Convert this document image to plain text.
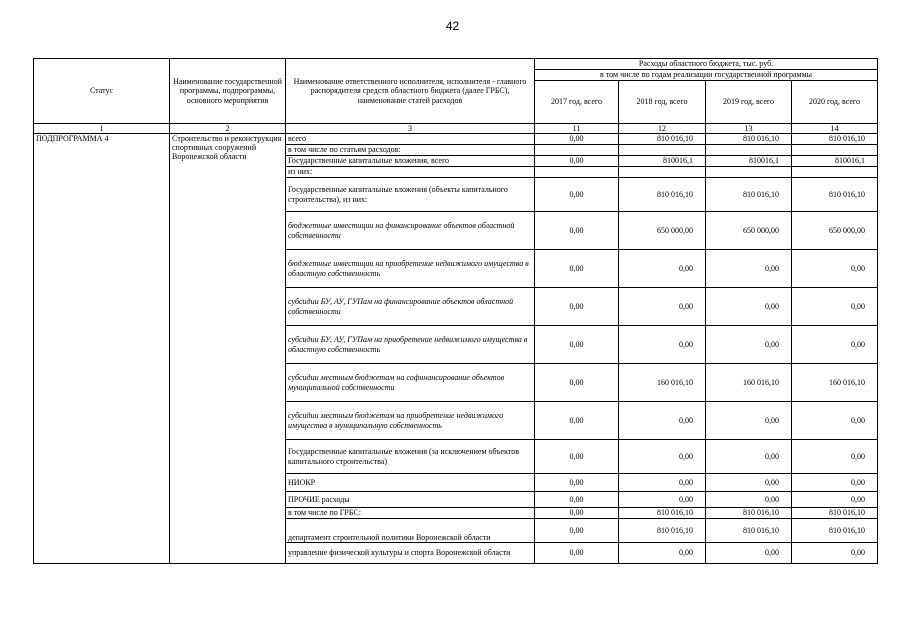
42
Статус	Наименование государственной программы, подпрограммы, основного мероприятия	Наименование ответственного исполнителя, исполнителя - главного распорядителя средств областного бюджета (далее ГРБС), наименование статей расходов	Расходы областного бюджета, тыс. руб.			
			в том числе по годам реализации государственной программы			
			2017 год, всего	2018 год, всего	2019 год, всего	2020 год, всего
1	2	3	11	12	13	14
ПОДПРОГРАММА 4	Строительство и реконструкция спортивных сооружений Воронежской области	всего	0,00	810 016,10	810 016,10	810 016,10
		в том числе по статьям расходов:				
		Государственные капитальные вложения, всего	0,00	810016,1	810016,1	810016,1
		из них:				
		Государственные капитальные вложения (объекты капитального строительства), из них:	0,00	810 016,10	810 016,10	810 016,10
		бюджетные инвестиции на финансирование объектов областной собственности	0,00	650 000,00	650 000,00	650 000,00
		бюджетные инвестиции на приобретение недвижимого имущества в областную собственность	0,00	0,00	0,00	0,00
		субсидии БУ, АУ, ГУПам на финансирование объектов областной собственности	0,00	0,00	0,00	0,00
		субсидии БУ, АУ, ГУПам на приобретение недвижимого имущества в областную собственность	0,00	0,00	0,00	0,00
		субсидии местным бюджетам на софинансирование объектов муниципальной собственности	0,00	160 016,10	160 016,10	160 016,10
		субсидии местным бюджетам на приобретение недвижимого имущества в муниципальную собственность	0,00	0,00	0,00	0,00
		Государственные капитальные вложения (за исключением объектов капитального строительства)	0,00	0,00	0,00	0,00
		НИОКР	0,00	0,00	0,00	0,00
		ПРОЧИЕ расходы	0,00	0,00	0,00	0,00
		в том числе по ГРБС:	0,00	810 016,10	810 016,10	810 016,10
		департамент строительной политики Воронежской области	0,00	810 016,10	810 016,10	810 016,10
		управление физической культуры и спорта Воронежской области	0,00	0,00	0,00	0,00
